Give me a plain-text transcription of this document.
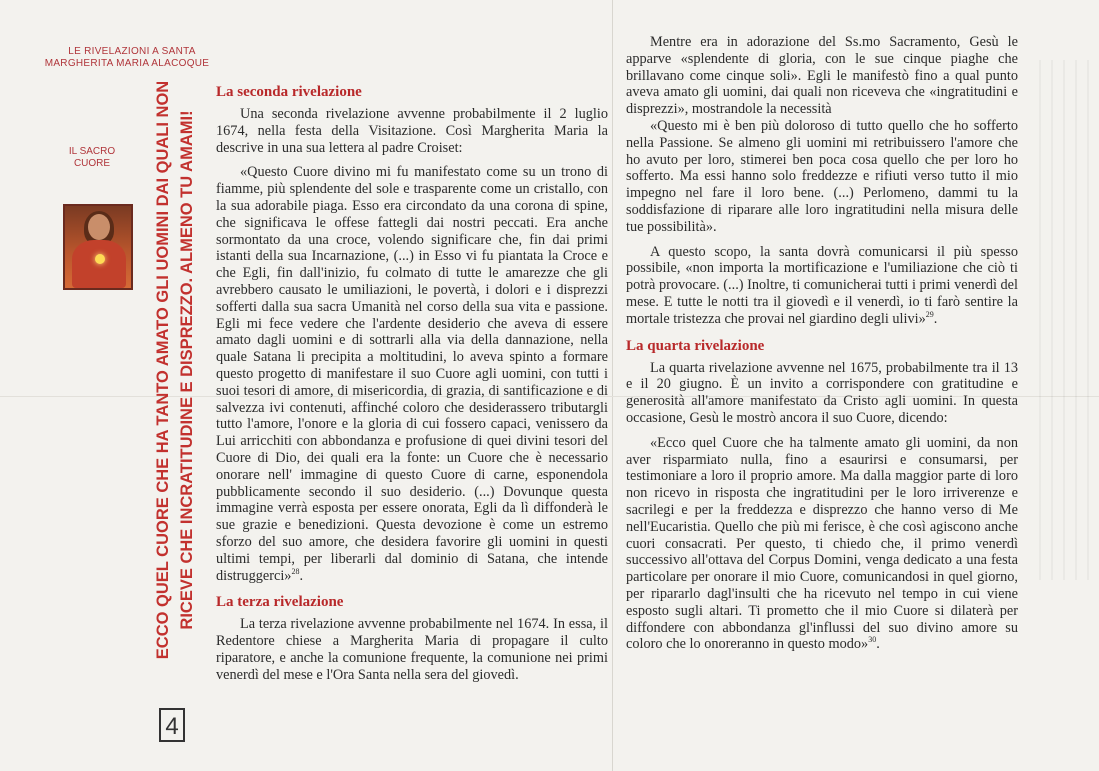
LE RIVELAZIONI A SANTA
MARGHERITA MARIA ALACOQUE
IL SACRO CUORE	ECCO QUEL CUORE CHE HA TANTO AMATO GLI UOMINI DAI QUALI NON RICEVE CHE INCRATITUDINE E DISPREZZO. ALMENO TU AMAMI!
4
La seconda rivelazione

Una seconda rivelazione avvenne probabilmente il 2 luglio 1674, nella festa della Visitazione. Così Margherita Maria la descrive in una sua lettera al padre Croiset:

«Questo Cuore divino mi fu manifestato come su un trono di fiamme, più splendente del sole e trasparente come un cristallo, con la sua adorabile piaga. Esso era circondato da una corona di spine, che significava le offese fattegli dai nostri peccati. Era anche sormontato da una croce, volendo significare che, fin dai primi istanti della sua Incarnazione, (...) in Esso vi fu piantata la Croce e che Egli, fin dall'inizio, fu colmato di tutte le amarezze che gli avrebbero causato le umiliazioni, le povertà, i dolori e i disprezzi sofferti dalla sua sacra Umanità nel corso della sua vita e passione. Egli mi fece vedere che l'ardente desiderio che aveva di essere amato dagli uomini e di sottrarli alla via della dannazione, nella quale Satana li precipita a moltitudini, lo aveva spinto a formare questo progetto di manifestare il suo Cuore agli uomini, con tutti i suoi tesori di amore, di misericordia, di grazia, di santificazione e di salvezza ivi contenuti, affinché coloro che desiderassero tributargli tutto l'amore, l'onore e la gloria di cui fossero capaci, venissero da Lui arricchiti con abbondanza e profusione di quei divini tesori del Cuore di Dio, dei quali era la fonte: un Cuore che è necessario onorare nell' immagine di questo Cuore di carne, esponendola pubblicamente secondo il suo desiderio. (...) Dovunque questa immagine verrà esposta per essere onorata, Egli da lì diffonderà le sue grazie e benedizioni. Questa devozione è come un estremo sforzo del suo amore, che desidera favorire gli uomini in questi ultimi tempi, per liberarli dal dominio di Satana, che intende distruggerci»$^{28}$.

La terza rivelazione

La terza rivelazione avvenne probabilmente nel 1674. In essa, il Redentore chiese a Margherita Maria di propagare il culto riparatore, e anche la comunione frequente, la comunione nei primi venerdì del mese e l'Ora Santa nella sera del giovedì.

Mentre era in adorazione del Ss.mo Sacramento, Gesù le apparve «splendente di gloria, con le sue cinque piaghe che brillavano come cinque soli». Egli le manifestò fino a qual punto aveva amato gli uomini, dai quali non riceveva che «ingratitudini e disprezzi», mostrandole la necessità

«Questo mi è ben più doloroso di tutto quello che ho sofferto nella Passione. Se almeno gli uomini mi retribuissero l'amore che ho avuto per loro, stimerei ben poca cosa quello che per loro ho sofferto. Ma essi hanno solo freddezze e rifiuti verso tutto il mio impegno nel fare il loro bene. (...) Perlomeno, dammi tu la soddisfazione di riparare alle loro ingratitudini nella misura delle tue possibilità».

A questo scopo, la santa dovrà comunicarsi il più spesso possibile, «non importa la mortificazione e l'umiliazione che ciò ti potrà provocare. (...) Inoltre, ti comunicherai tutti i primi venerdì del mese. E tutte le notti tra il giovedì e il venerdì, io ti farò sentire la mortale tristezza che provai nel giardino degli ulivi»$^{29}$.

La quarta rivelazione

La quarta rivelazione avvenne nel 1675, probabilmente tra il 13 e il 20 giugno. È un invito a corrispondere con gratitudine e generosità all'amore manifestato da Cristo agli uomini. In questa occasione, Gesù le mostrò ancora il suo Cuore, dicendo:

«Ecco quel Cuore che ha talmente amato gli uomini, da non aver risparmiato nulla, fino a esaurirsi e consumarsi, per testimoniare a loro il proprio amore. Ma dalla maggior parte di loro non ricevo in risposta che ingratitudini per le loro irriverenze e sacrilegi e per la freddezza e disprezzo che hanno verso di Me nell'Eucaristia. Quello che più mi ferisce, è che così agiscono anche cuori consacrati. Per questo, ti chiedo che, il primo venerdì successivo all'ottava del Corpus Domini, venga dedicato a una festa particolare per onorare il mio Cuore, comunicandosi in quel giorno, per ripararlo dagl'insulti che ha ricevuto nel tempo in cui viene esposto sugli altari. Ti prometto che il mio Cuore si dilaterà per diffondere con abbondanza gl'influssi del suo divino amore su coloro che lo onoreranno in questo modo»$^{30}$.
